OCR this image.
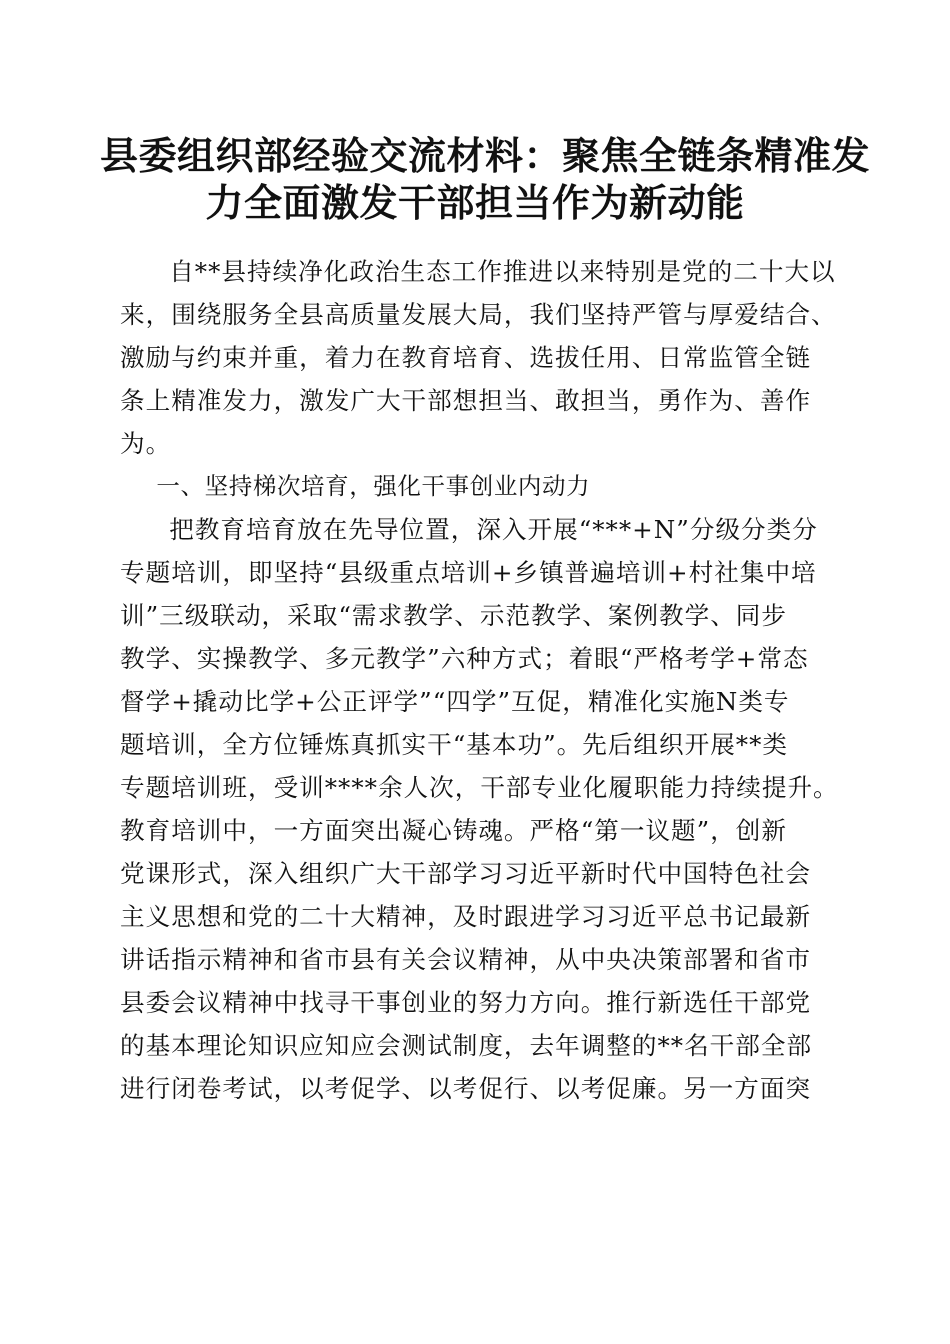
县委组织部经验交流材料：聚焦全链条精准发
力全面激发干部担当作为新动能

自**县持续净化政治生态工作推进以来特别是党的二十大以
来，围绕服务全县高质量发展大局，我们坚持严管与厚爱结合、
激励与约束并重，着力在教育培育、选拔任用、日常监管全链
条上精准发力，激发广大干部想担当、敢担当，勇作为、善作
为。

一、坚持梯次培育，强化干事创业内动力

把教育培育放在先导位置，深入开展“***+N”分级分类分
专题培训，即坚持“县级重点培训+乡镇普遍培训+村社集中培
训”三级联动，采取“需求教学、示范教学、案例教学、同步
教学、实操教学、多元教学”六种方式；着眼“严格考学+常态
督学+撬动比学+公正评学”“四学”互促，精准化实施N类专
题培训，全方位锤炼真抓实干“基本功”。先后组织开展**类
专题培训班，受训****余人次，干部专业化履职能力持续提升。
教育培训中，一方面突出凝心铸魂。严格“第一议题”，创新
党课形式，深入组织广大干部学习习近平新时代中国特色社会
主义思想和党的二十大精神，及时跟进学习习近平总书记最新
讲话指示精神和省市县有关会议精神，从中央决策部署和省市
县委会议精神中找寻干事创业的努力方向。推行新选任干部党
的基本理论知识应知应会测试制度，去年调整的**名干部全部
进行闭卷考试，以考促学、以考促行、以考促廉。另一方面突
